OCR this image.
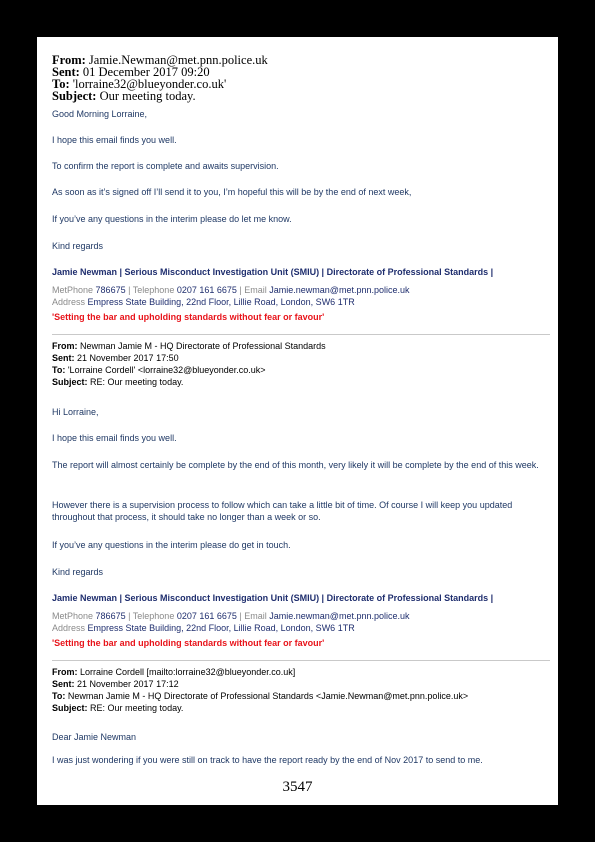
From: Jamie.Newman@met.pnn.police.uk
Sent: 01 December 2017 09:20
To: 'lorraine32@blueyonder.co.uk'
Subject: Our meeting today.
Good Morning Lorraine,
I hope this email finds you well.
To confirm the report is complete and awaits supervision.
As soon as it’s signed off I’ll send it to you, I’m hopeful this will be by the end of next week,
If you’ve any questions in the interim please do let me know.
Kind regards
Jamie Newman | Serious Misconduct Investigation Unit (SMIU) | Directorate of Professional Standards |
MetPhone 786675 | Telephone 0207 161 6675 | Email Jamie.newman@met.pnn.police.uk
Address Empress State Building, 22nd Floor, Lillie Road, London, SW6 1TR
'Setting the bar and upholding standards without fear or favour'
From: Newman Jamie M - HQ Directorate of Professional Standards
Sent: 21 November 2017 17:50
To: 'Lorraine Cordell' <lorraine32@blueyonder.co.uk>
Subject: RE: Our meeting today.
Hi Lorraine,
I hope this email finds you well.
The report will almost certainly be complete by the end of this month, very likely it will be complete by the end of this week.
However there is a supervision process to follow which can take a little bit of time. Of course I will keep you updated throughout that process, it should take no longer than a week or so.
If you’ve any questions in the interim please do get in touch.
Kind regards
Jamie Newman | Serious Misconduct Investigation Unit (SMIU) | Directorate of Professional Standards |
MetPhone 786675 | Telephone 0207 161 6675 | Email Jamie.newman@met.pnn.police.uk
Address Empress State Building, 22nd Floor, Lillie Road, London, SW6 1TR
'Setting the bar and upholding standards without fear or favour'
From: Lorraine Cordell [mailto:lorraine32@blueyonder.co.uk]
Sent: 21 November 2017 17:12
To: Newman Jamie M - HQ Directorate of Professional Standards <Jamie.Newman@met.pnn.police.uk>
Subject: RE: Our meeting today.
Dear Jamie Newman
I was just wondering if you were still on track to have the report ready by the end of Nov 2017 to send to me.
3547
